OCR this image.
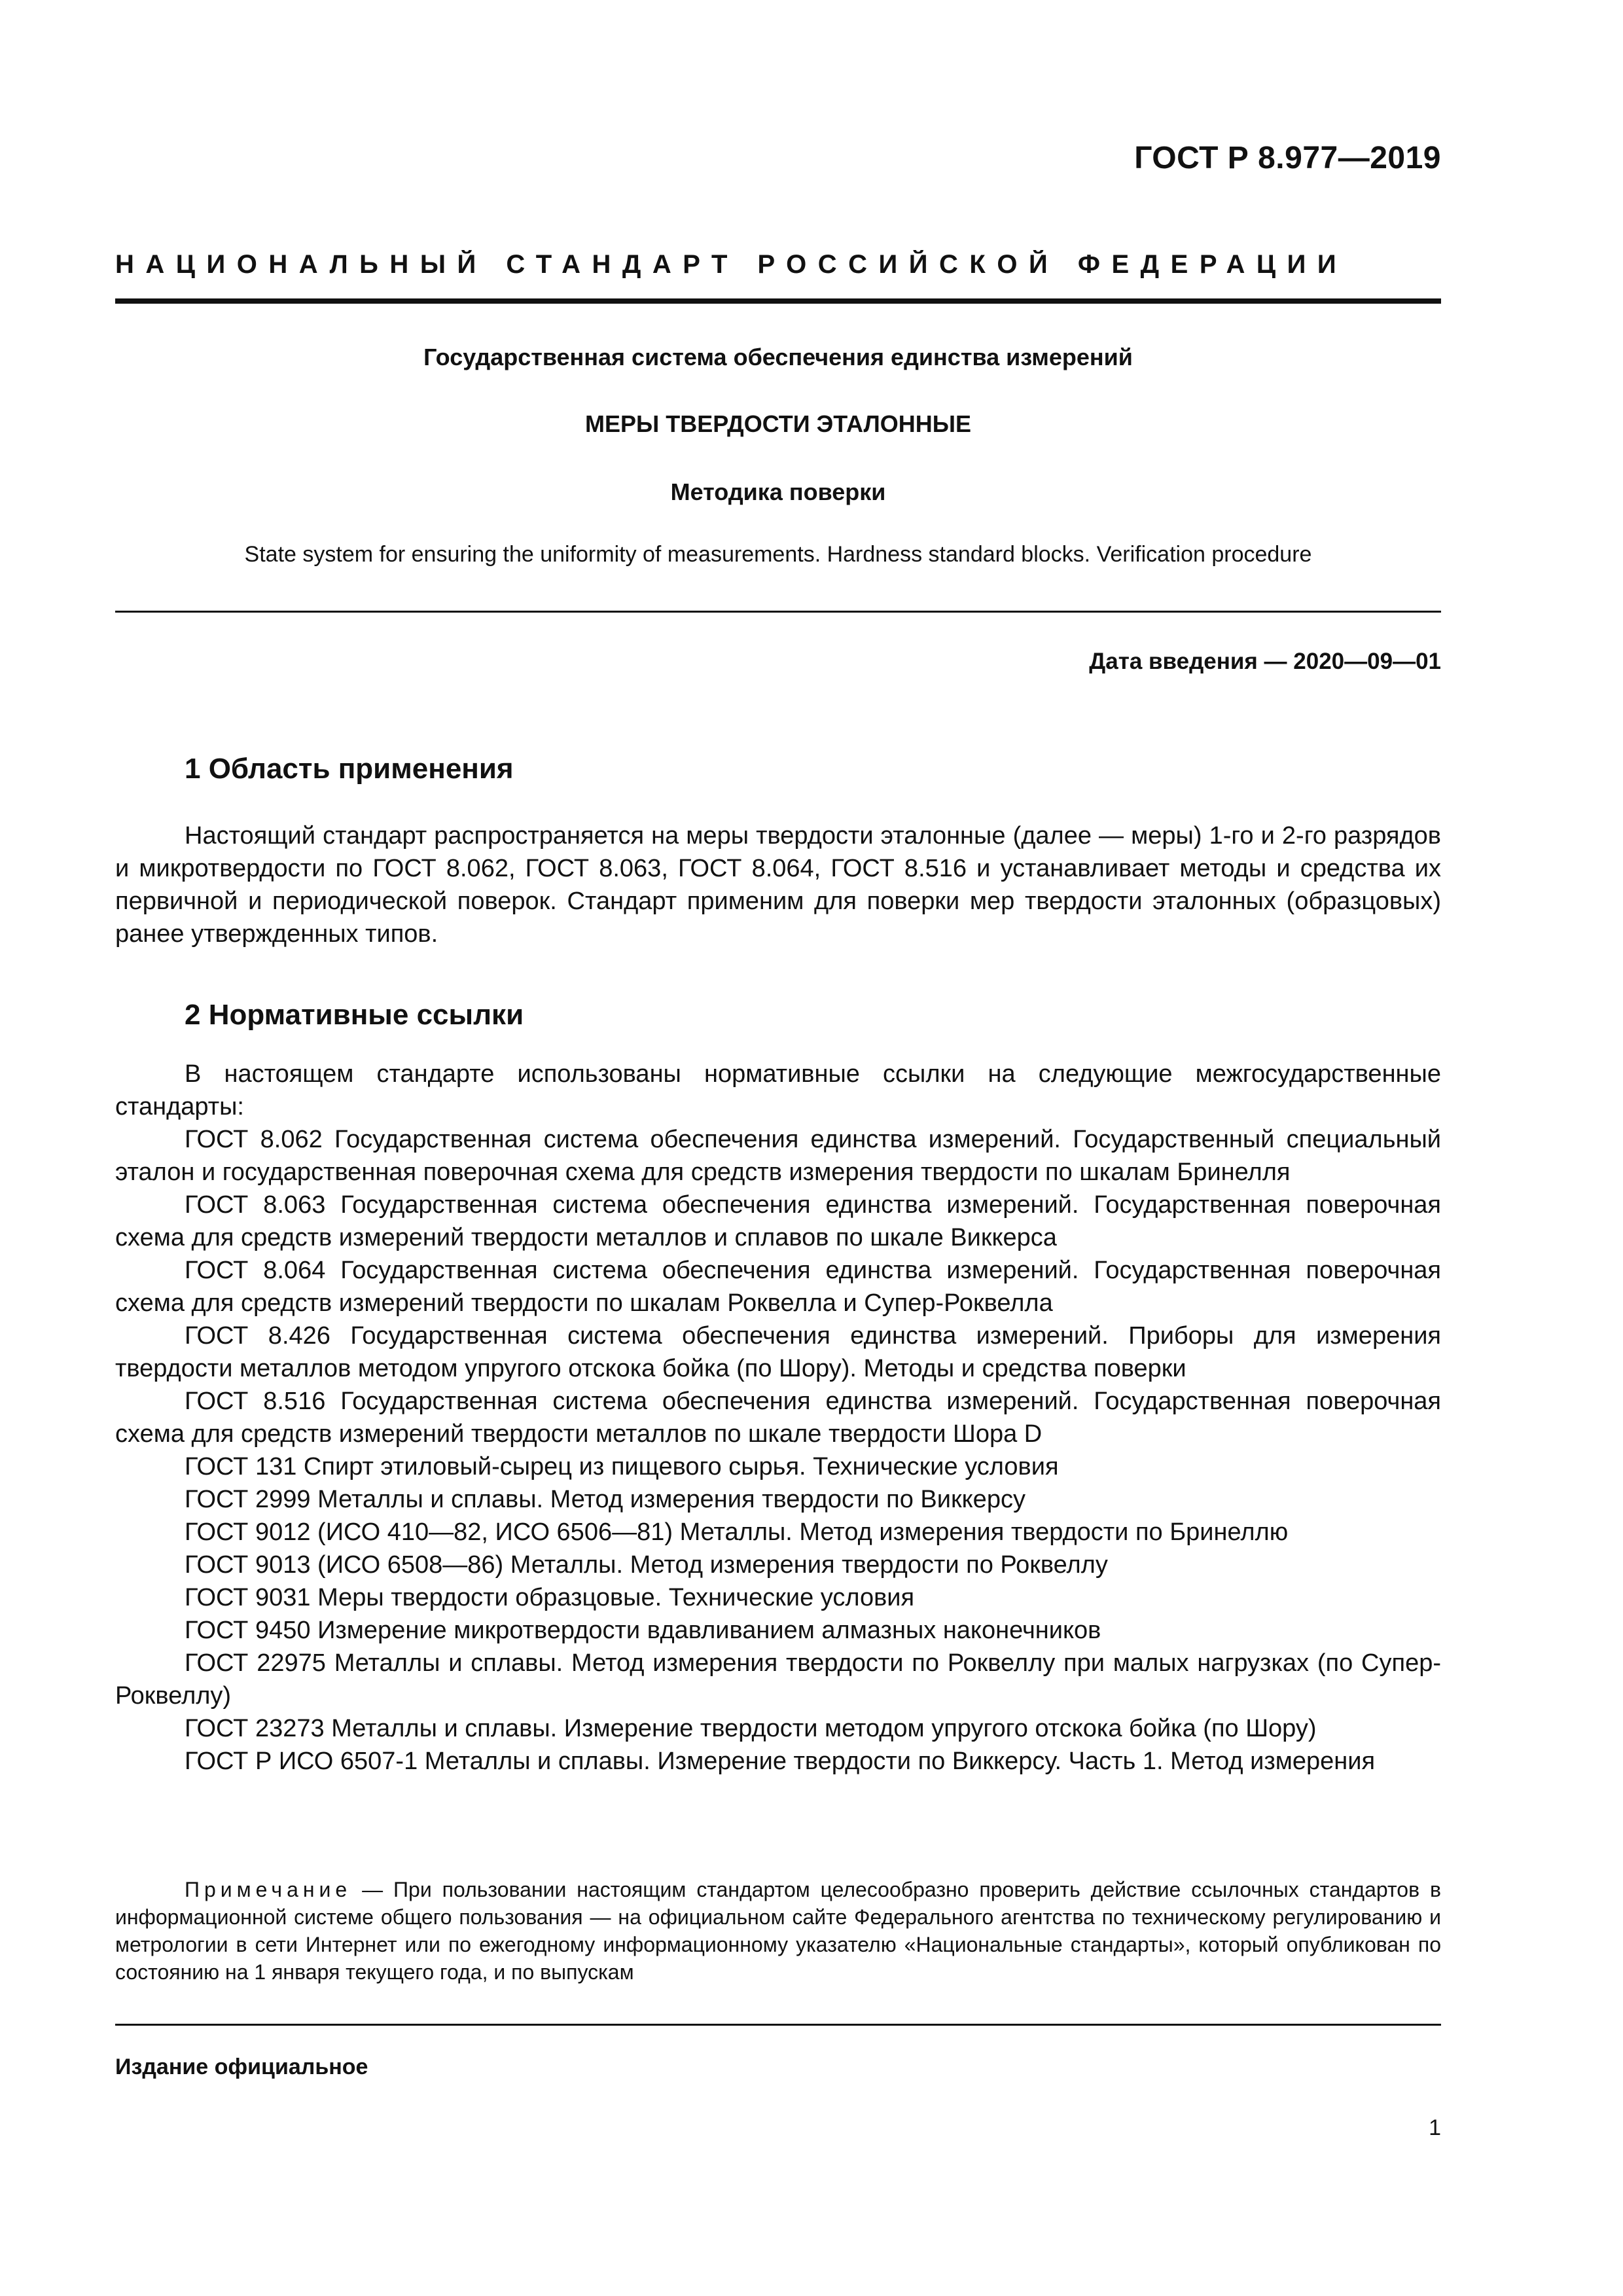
ГОСТ Р 8.977—2019
НАЦИОНАЛЬНЫЙ СТАНДАРТ РОССИЙСКОЙ ФЕДЕРАЦИИ
Государственная система обеспечения единства измерений
МЕРЫ ТВЕРДОСТИ ЭТАЛОННЫЕ
Методика поверки
State system for ensuring the uniformity of measurements. Hardness standard blocks. Verification procedure
Дата введения — 2020—09—01
1 Область применения
Настоящий стандарт распространяется на меры твердости эталонные (далее — меры) 1-го и 2-го разрядов и микротвердости по ГОСТ 8.062, ГОСТ 8.063, ГОСТ 8.064, ГОСТ 8.516 и устанавливает методы и средства их первичной и периодической поверок. Стандарт применим для поверки мер твердости эталонных (образцовых) ранее утвержденных типов.
2 Нормативные ссылки
В настоящем стандарте использованы нормативные ссылки на следующие межгосударственные стандарты:

ГОСТ 8.062 Государственная система обеспечения единства измерений. Государственный специальный эталон и государственная поверочная схема для средств измерения твердости по шкалам Бринелля

ГОСТ 8.063 Государственная система обеспечения единства измерений. Государственная поверочная схема для средств измерений твердости металлов и сплавов по шкале Виккерса

ГОСТ 8.064 Государственная система обеспечения единства измерений. Государственная поверочная схема для средств измерений твердости по шкалам Роквелла и Супер-Роквелла

ГОСТ 8.426 Государственная система обеспечения единства измерений. Приборы для измерения твердости металлов методом упругого отскока бойка (по Шору). Методы и средства поверки

ГОСТ 8.516 Государственная система обеспечения единства измерений. Государственная поверочная схема для средств измерений твердости металлов по шкале твердости Шора D

ГОСТ 131 Спирт этиловый-сырец из пищевого сырья. Технические условия

ГОСТ 2999 Металлы и сплавы. Метод измерения твердости по Виккерсу

ГОСТ 9012 (ИСО 410—82, ИСО 6506—81) Металлы. Метод измерения твердости по Бринеллю

ГОСТ 9013 (ИСО 6508—86) Металлы. Метод измерения твердости по Роквеллу

ГОСТ 9031 Меры твердости образцовые. Технические условия

ГОСТ 9450 Измерение микротвердости вдавливанием алмазных наконечников

ГОСТ 22975 Металлы и сплавы. Метод измерения твердости по Роквеллу при малых нагрузках (по Супер-Роквеллу)

ГОСТ 23273 Металлы и сплавы. Измерение твердости методом упругого отскока бойка (по Шору)

ГОСТ Р ИСО 6507-1 Металлы и сплавы. Измерение твердости по Виккерсу. Часть 1. Метод измерения

Примечание — При пользовании настоящим стандартом целесообразно проверить действие ссылочных стандартов в информационной системе общего пользования — на официальном сайте Федерального агентства по техническому регулированию и метрологии в сети Интернет или по ежегодному информационному указателю «Национальные стандарты», который опубликован по состоянию на 1 января текущего года, и по выпускам
Издание официальное
1
